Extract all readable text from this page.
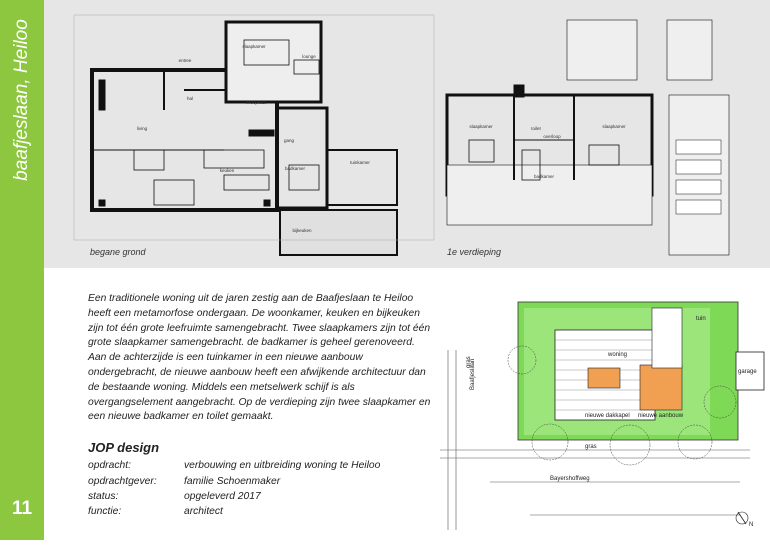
baafjeslaan, Heiloo
11
slaapkamer
entree
lounge
inloopkast
hal
living
keuken
gang
badkamer
tuinkamer
bijkeuken
slaapkamer	toilet
overloop
slaapkamer
badkamer
begane grond	1e verdieping

Een traditionele woning uit de jaren zestig aan de Baafjeslaan te Heiloo heeft een metamorfose ondergaan. De woonkamer, keuken en bijkeuken zijn tot één grote leefruimte samengebracht. Twee slaapkamers zijn tot één grote slaapkamer samengebracht. de badkamer is geheel gerenoveerd. Aan de achterzijde is een tuinkamer in een nieuwe aanbouw ondergebracht, de nieuwe aanbouw heeft een afwijkende architectuur dan de bestaande woning. Middels een metselwerk schijf is als overgangselement aangebracht. Op de verdieping zijn twee slaapkamer en een nieuwe badkamer en toilet gemaakt.

JOP design
opdracht:	verbouwing en uitbreiding woning te Heiloo
opdrachtgever:	familie Schoenmaker
status:	opgeleverd 2017
functie:	architect
Baafjeslaan
Bayershoffweg
gras
gras
tuin
woning
garage
nieuwe dakkapel nieuwe aanbouw
N
